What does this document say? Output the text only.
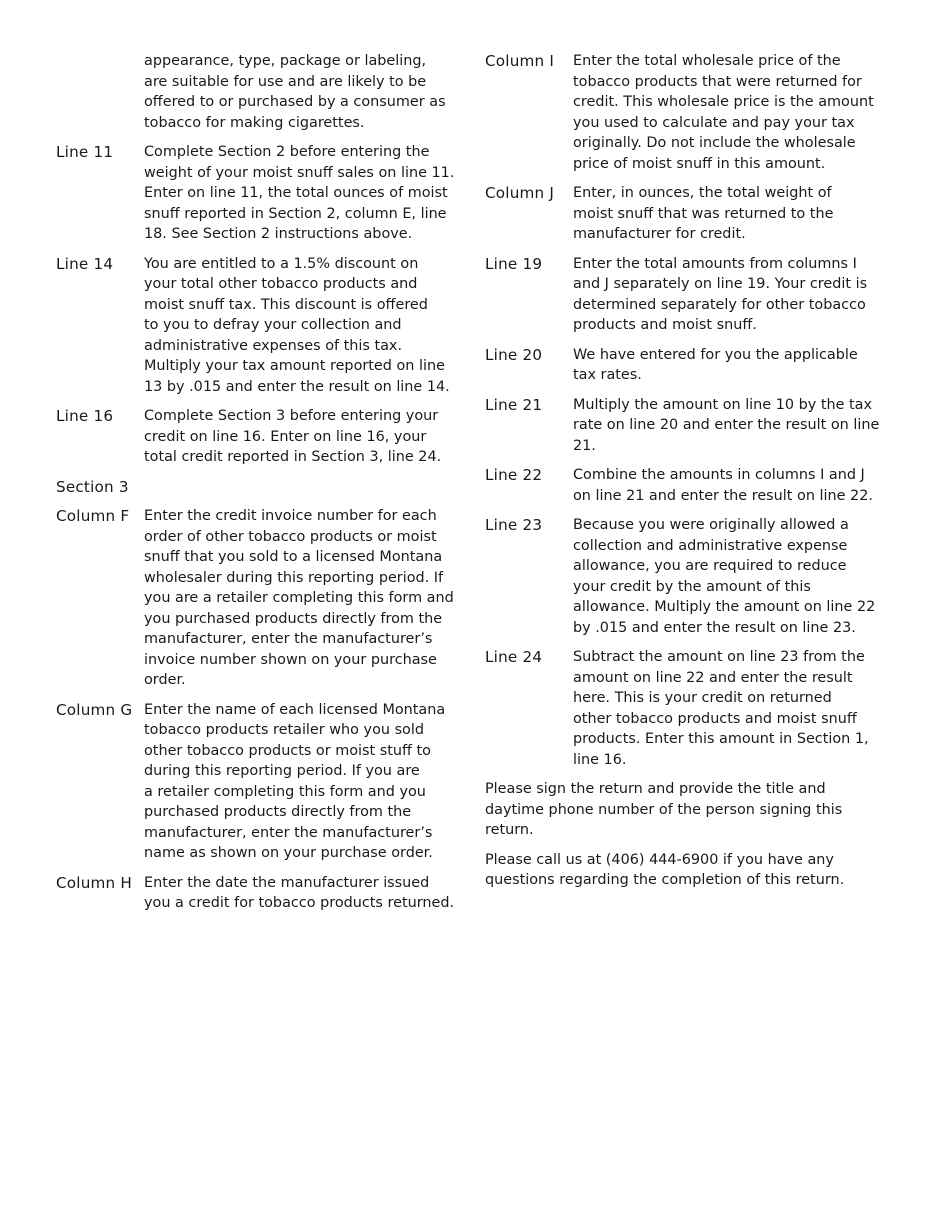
appearance, type, package or labeling,
are suitable for use and are likely to be
offered to or purchased by a consumer as
tobacco for making cigarettes.
Line 11	Complete Section 2 before entering the
weight of your moist snuff sales on line 11.
Enter on line 11, the total ounces of moist
snuff reported in Section 2, column E, line
18. See Section 2 instructions above.
Line 14	You are entitled to a 1.5% discount on
your total other tobacco products and
moist snuff tax. This discount is offered
to you to defray your collection and
administrative expenses of this tax.
Multiply your tax amount reported on line
13 by .015 and enter the result on line 14.
Line 16	Complete Section 3 before entering your
credit on line 16. Enter on line 16, your
total credit reported in Section 3, line 24.
Section 3
Column F	Enter the credit invoice number for each
order of other tobacco products or moist
snuff that you sold to a licensed Montana
wholesaler during this reporting period. If
you are a retailer completing this form and
you purchased products directly from the
manufacturer, enter the manufacturer’s
invoice number shown on your purchase
order.
Column G Enter the name of each licensed Montana
tobacco products retailer who you sold
other tobacco products or moist stuff to
during this reporting period. If you are
a retailer completing this form and you
purchased products directly from the
manufacturer, enter the manufacturer’s
name as shown on your purchase order.
Column H Enter the date the manufacturer issued
you a credit for tobacco products returned.
Column I	Enter the total wholesale price of the
tobacco products that were returned for
credit. This wholesale price is the amount
you used to calculate and pay your tax
originally. Do not include the wholesale
price of moist snuff in this amount.
Column J	Enter, in ounces, the total weight of
moist snuff that was returned to the
manufacturer for credit.
Line 19	Enter the total amounts from columns I
and J separately on line 19. Your credit is
determined separately for other tobacco
products and moist snuff.
Line 20	We have entered for you the applicable
tax rates.
Line 21	Multiply the amount on line 10 by the tax
rate on line 20 and enter the result on line
21.
Line 22	Combine the amounts in columns I and J
on line 21 and enter the result on line 22.
Line 23	Because you were originally allowed a
collection and administrative expense
allowance, you are required to reduce
your credit by the amount of this
allowance. Multiply the amount on line 22
by .015 and enter the result on line 23.
Line 24	Subtract the amount on line 23 from the
amount on line 22 and enter the result
here. This is your credit on returned
other tobacco products and moist snuff
products. Enter this amount in Section 1,
line 16.
Please sign the return and provide the title and
daytime phone number of the person signing this
return.
Please call us at (406) 444-6900 if you have any
questions regarding the completion of this return.
